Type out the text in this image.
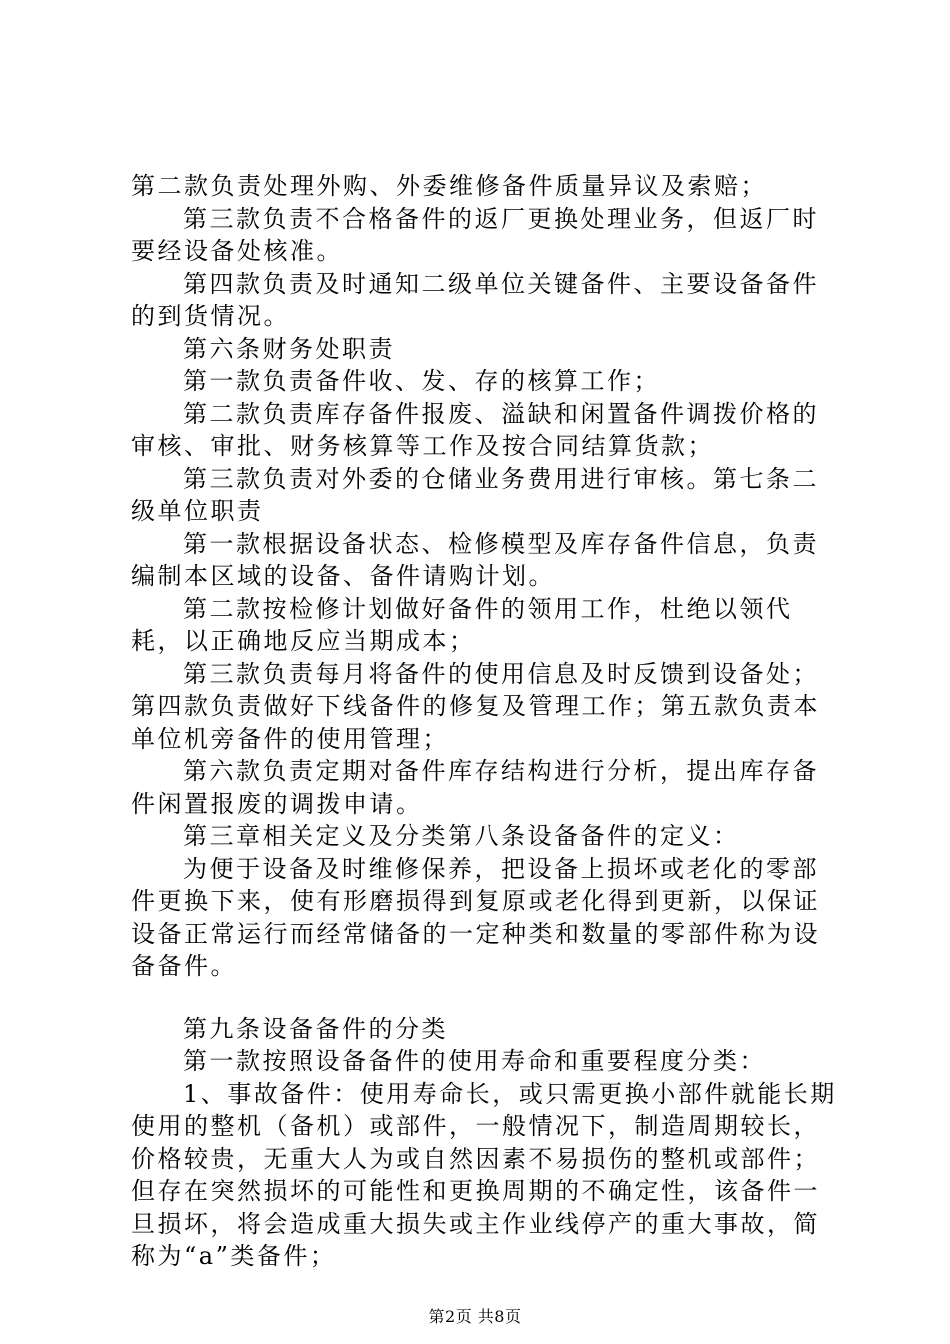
第二款负责处理外购、外委维修备件质量异议及索赔；

第三款负责不合格备件的返厂更换处理业务，但返厂时要经设备处核准。

第四款负责及时通知二级单位关键备件、主要设备备件的到货情况。

第六条财务处职责

第一款负责备件收、发、存的核算工作；

第二款负责库存备件报废、溢缺和闲置备件调拨价格的审核、审批、财务核算等工作及按合同结算货款；

第三款负责对外委的仓储业务费用进行审核。第七条二级单位职责

第一款根据设备状态、检修模型及库存备件信息，负责编制本区域的设备、备件请购计划。

第二款按检修计划做好备件的领用工作，杜绝以领代耗，以正确地反应当期成本；

第三款负责每月将备件的使用信息及时反馈到设备处；第四款负责做好下线备件的修复及管理工作；第五款负责本单位机旁备件的使用管理；

第六款负责定期对备件库存结构进行分析，提出库存备件闲置报废的调拨申请。

第三章相关定义及分类第八条设备备件的定义：

为便于设备及时维修保养，把设备上损坏或老化的零部件更换下来，使有形磨损得到复原或老化得到更新，以保证设备正常运行而经常储备的一定种类和数量的零部件称为设备备件。

第九条设备备件的分类

第一款按照设备备件的使用寿命和重要程度分类：

1、事故备件：使用寿命长，或只需更换小部件就能长期使用的整机（备机）或部件，一般情况下，制造周期较长，价格较贵，无重大人为或自然因素不易损伤的整机或部件；但存在突然损坏的可能性和更换周期的不确定性，该备件一旦损坏，将会造成重大损失或主作业线停产的重大事故，简称为“a”类备件；

第2页 共8页
